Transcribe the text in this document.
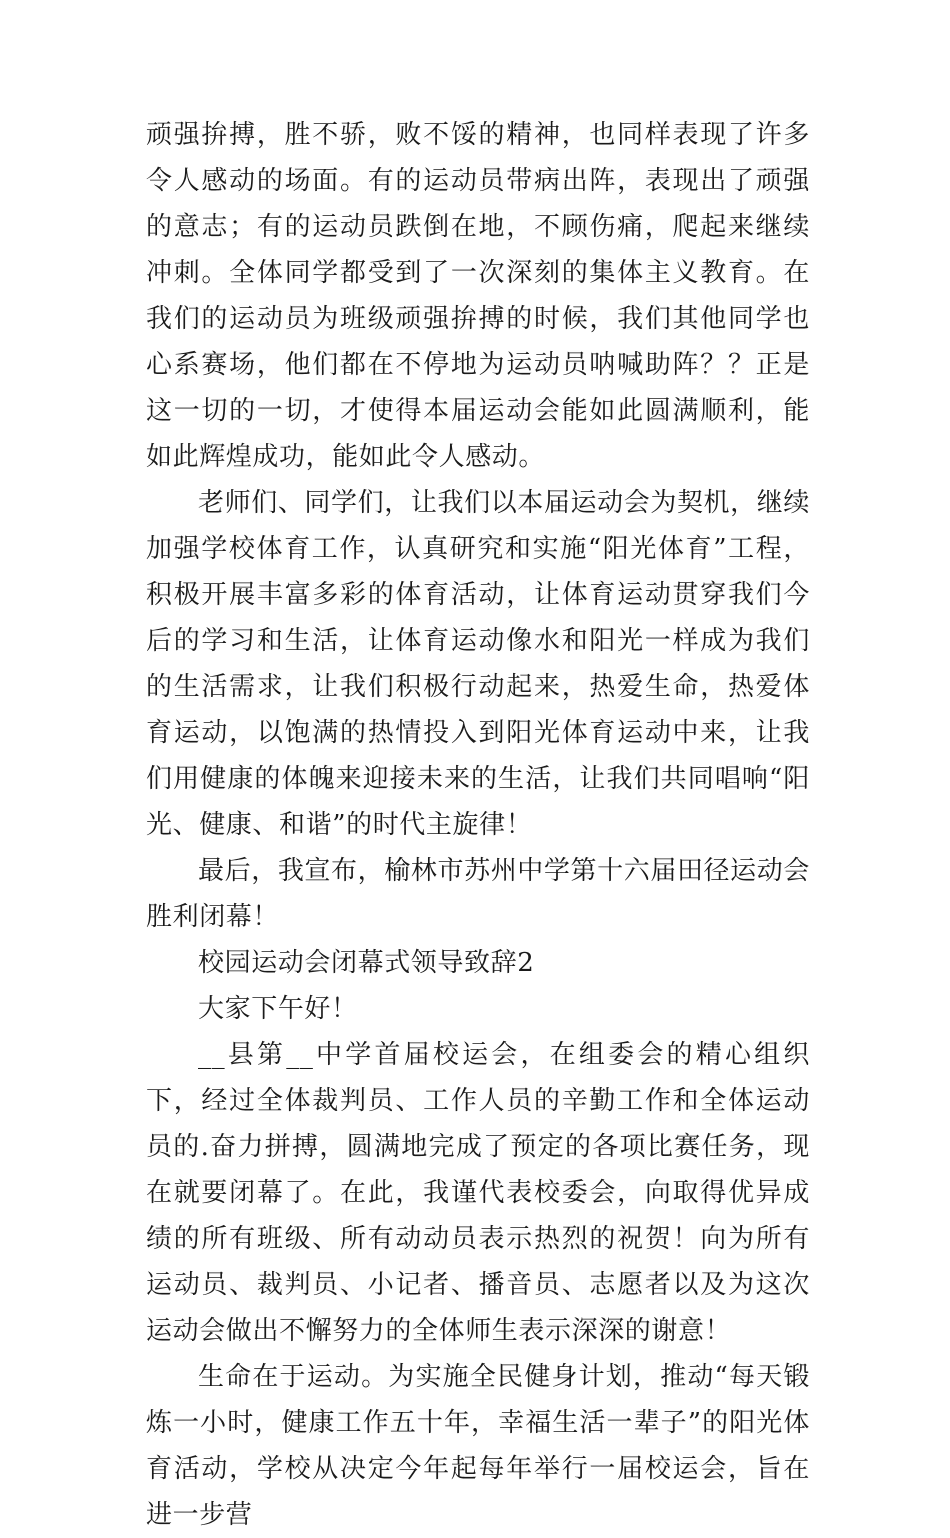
顽强拚搏，胜不骄，败不馁的精神，也同样表现了许多令人感动的场面。有的运动员带病出阵，表现出了顽强的意志；有的运动员跌倒在地，不顾伤痛，爬起来继续冲刺。全体同学都受到了一次深刻的集体主义教育。在我们的运动员为班级顽强拚搏的时候，我们其他同学也心系赛场，他们都在不停地为运动员呐喊助阵？？正是这一切的一切，才使得本届运动会能如此圆满顺利，能如此辉煌成功，能如此令人感动。

老师们、同学们，让我们以本届运动会为契机，继续加强学校体育工作，认真研究和实施“阳光体育”工程，积极开展丰富多彩的体育活动，让体育运动贯穿我们今后的学习和生活，让体育运动像水和阳光一样成为我们的生活需求，让我们积极行动起来，热爱生命，热爱体育运动，以饱满的热情投入到阳光体育运动中来，让我们用健康的体魄来迎接未来的生活，让我们共同唱响“阳光、健康、和谐”的时代主旋律！

最后，我宣布，榆林市苏州中学第十六届田径运动会胜利闭幕！

校园运动会闭幕式领导致辞2

大家下午好！

__县第__中学首届校运会，在组委会的精心组织下，经过全体裁判员、工作人员的辛勤工作和全体运动员的.奋力拼搏，圆满地完成了预定的各项比赛任务，现在就要闭幕了。在此，我谨代表校委会，向取得优异成绩的所有班级、所有动动员表示热烈的祝贺！向为所有运动员、裁判员、小记者、播音员、志愿者以及为这次运动会做出不懈努力的全体师生表示深深的谢意！

生命在于运动。为实施全民健身计划，推动“每天锻炼一小时，健康工作五十年，幸福生活一辈子”的阳光体育活动，学校从决定今年起每年举行一届校运会，旨在进一步营
